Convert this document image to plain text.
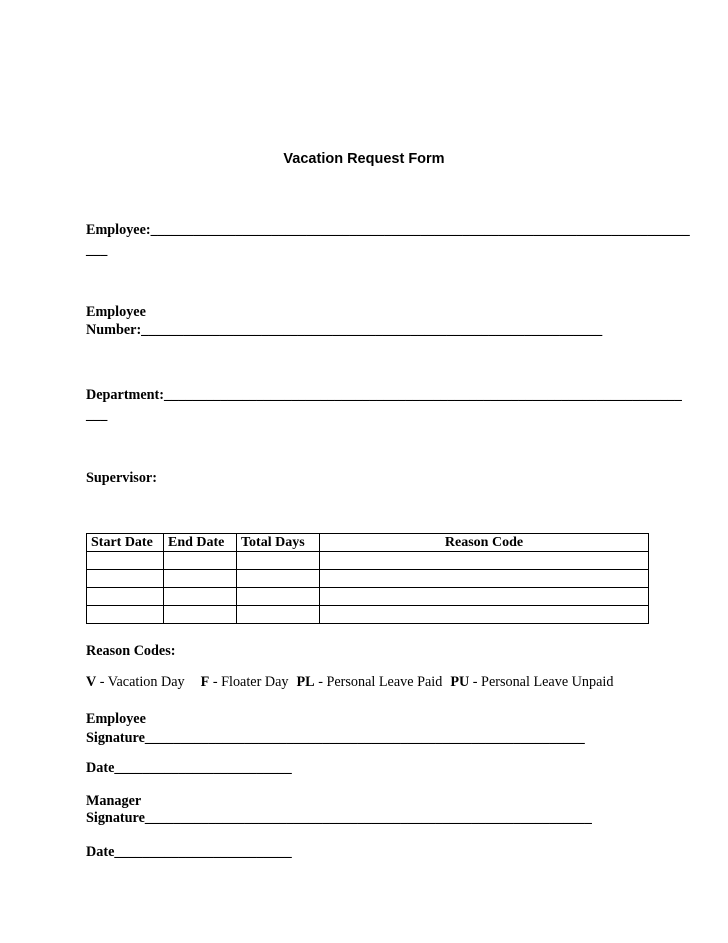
Vacation Request Form
Employee:____________________________________________________________________________
___
Employee
Number:_________________________________________________________________
Department:_________________________________________________________________________
___
Supervisor:
Start Date	End Date	Total Days	Reason Code

Reason Codes:
V - Vacation Day F - Floater Day PL - Personal Leave Paid PU - Personal Leave Unpaid
Employee
Signature______________________________________________________________
Date_________________________
Manager
Signature_______________________________________________________________
Date_________________________
